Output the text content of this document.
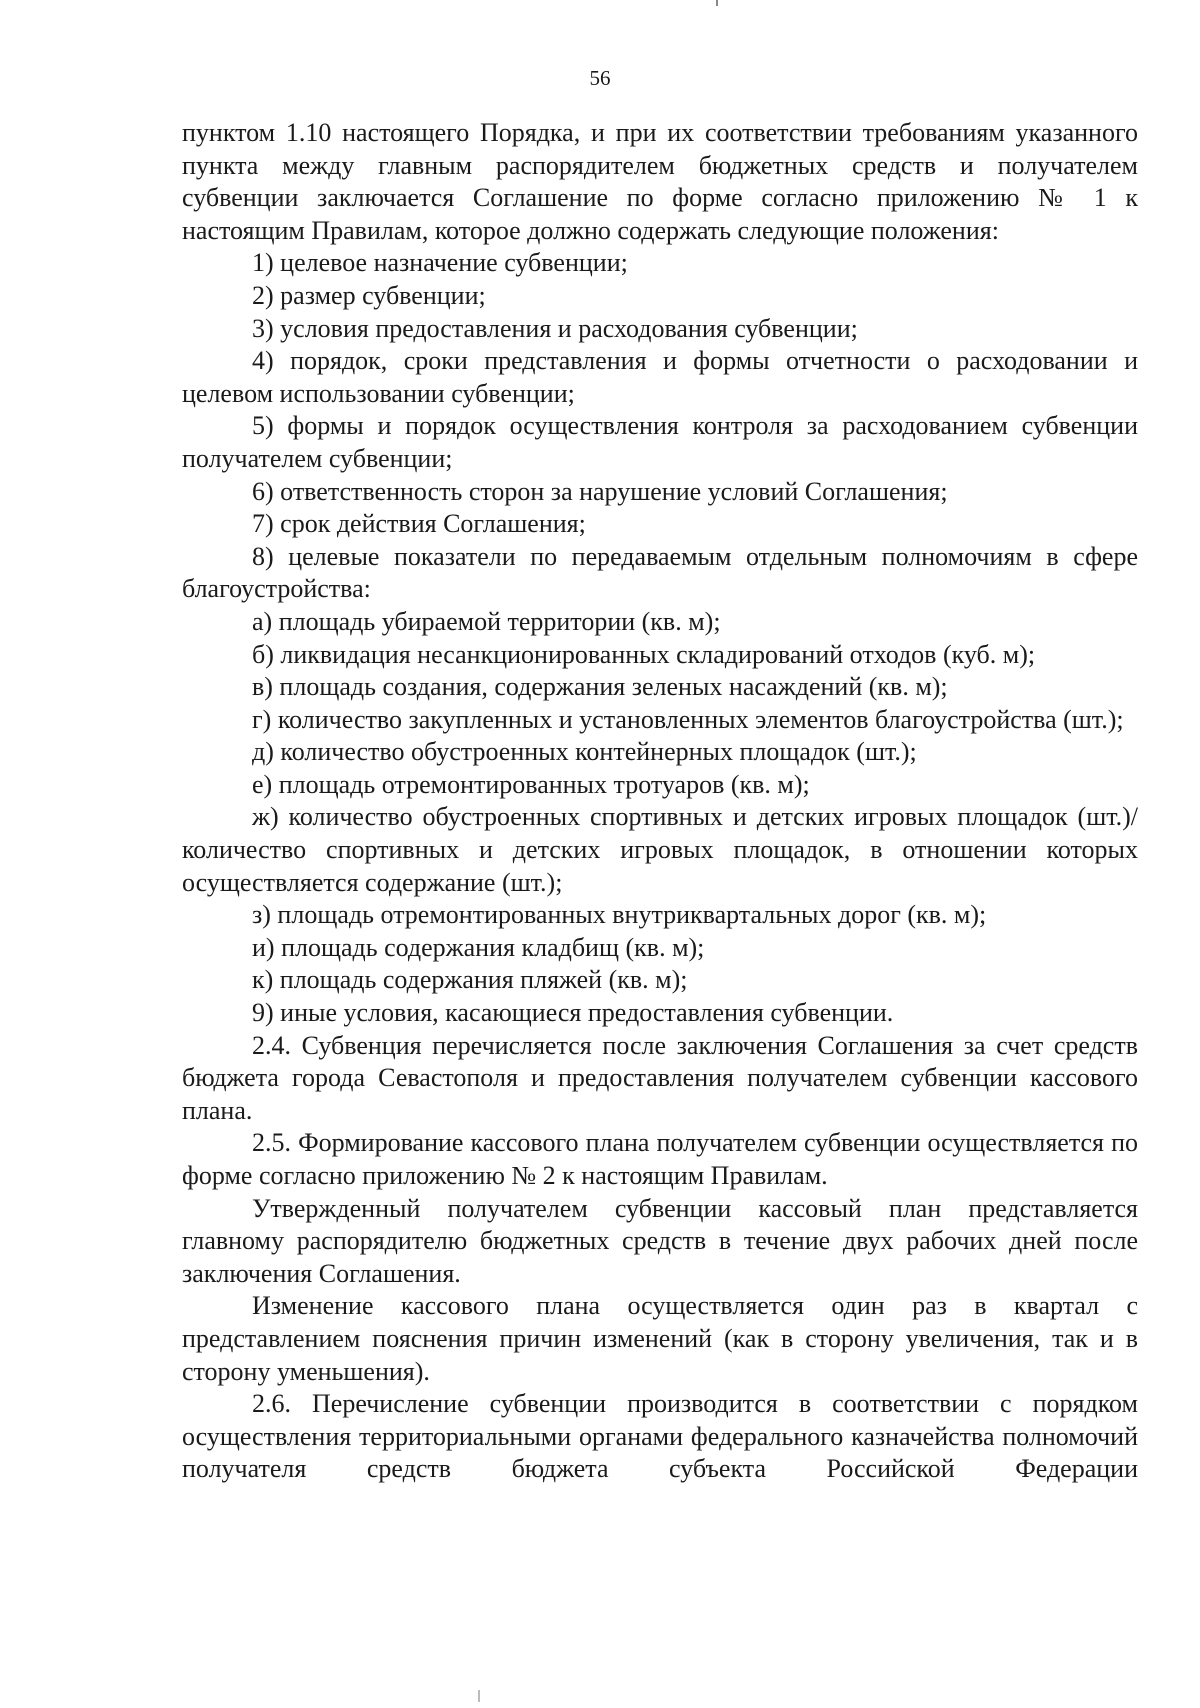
56

пунктом 1.10 настоящего Порядка, и при их соответствии требованиям указанного пункта между главным распорядителем бюджетных средств и получателем субвенции заключается Соглашение по форме согласно приложению № 1 к настоящим Правилам, которое должно содержать следующие положения:

1) целевое назначение субвенции;

2) размер субвенции;

3) условия предоставления и расходования субвенции;

4) порядок, сроки представления и формы отчетности о расходовании и целевом использовании субвенции;

5) формы и порядок осуществления контроля за расходованием субвенции получателем субвенции;

6) ответственность сторон за нарушение условий Соглашения;

7) срок действия Соглашения;

8) целевые показатели по передаваемым отдельным полномочиям в сфере благоустройства:

а) площадь убираемой территории (кв. м);

б) ликвидация несанкционированных складирований отходов (куб. м);

в) площадь создания, содержания зеленых насаждений (кв. м);

г) количество закупленных и установленных элементов благоустройства (шт.);

д) количество обустроенных контейнерных площадок (шт.);

е) площадь отремонтированных тротуаров (кв. м);

ж) количество обустроенных спортивных и детских игровых площадок (шт.)/количество спортивных и детских игровых площадок, в отношении которых осуществляется содержание (шт.);

з) площадь отремонтированных внутриквартальных дорог (кв. м);

и) площадь содержания кладбищ (кв. м);

к) площадь содержания пляжей (кв. м);

9) иные условия, касающиеся предоставления субвенции.

2.4. Субвенция перечисляется после заключения Соглашения за счет средств бюджета города Севастополя и предоставления получателем субвенции кассового плана.

2.5. Формирование кассового плана получателем субвенции осуществляется по форме согласно приложению № 2 к настоящим Правилам.

Утвержденный получателем субвенции кассовый план представляется главному распорядителю бюджетных средств в течение двух рабочих дней после заключения Соглашения.

Изменение кассового плана осуществляется один раз в квартал с представлением пояснения причин изменений (как в сторону увеличения, так и в сторону уменьшения).

2.6. Перечисление субвенции производится в соответствии с порядком осуществления территориальными органами федерального казначейства полномочий получателя средств бюджета субъекта Российской Федерации
